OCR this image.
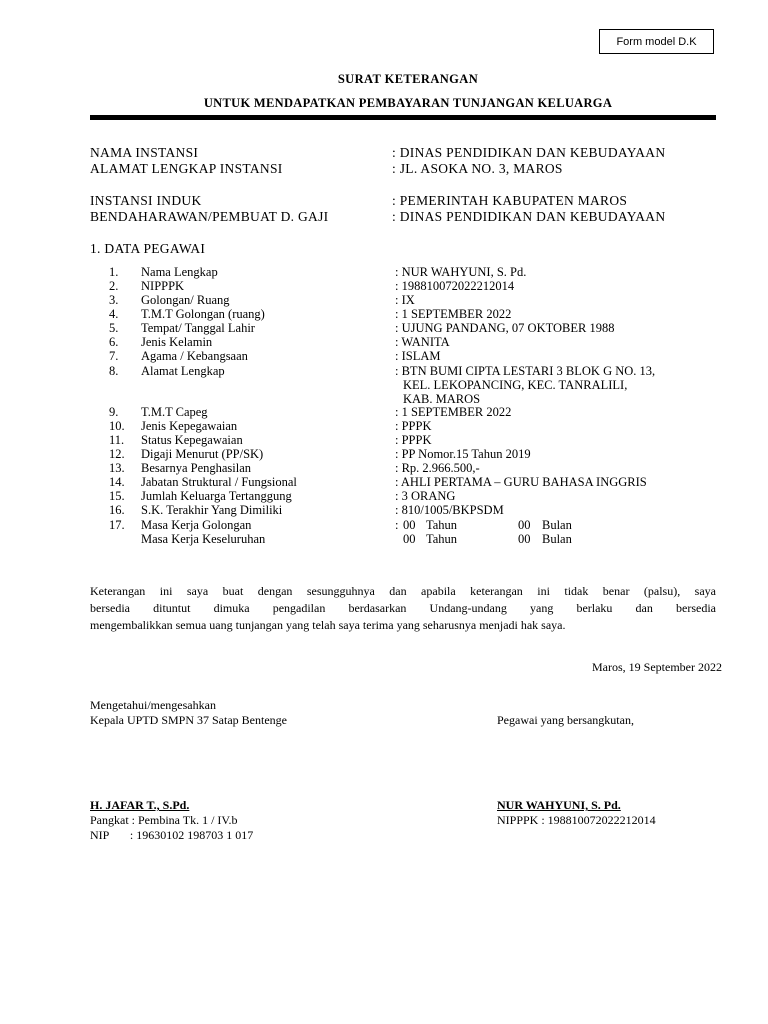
Form model D.K
SURAT KETERANGAN
UNTUK MENDAPATKAN PEMBAYARAN TUNJANGAN KELUARGA
NAMA INSTANSI	: DINAS PENDIDIKAN DAN KEBUDAYAAN
ALAMAT LENGKAP INSTANSI	: JL. ASOKA NO. 3, MAROS
INSTANSI INDUK	: PEMERINTAH KABUPATEN MAROS
BENDAHARAWAN/PEMBUAT D. GAJI	: DINAS PENDIDIKAN DAN KEBUDAYAAN
1. DATA PEGAWAI
1. Nama Lengkap	: NUR WAHYUNI, S. Pd.
2. NIPPPK	: 198810072022212014
3. Golongan/ Ruang	: IX
4. T.M.T Golongan (ruang)	: 1 SEPTEMBER 2022
5. Tempat/ Tanggal Lahir	: UJUNG PANDANG, 07 OKTOBER 1988
6. Jenis Kelamin	: WANITA
7. Agama / Kebangsaan	: ISLAM
8. Alamat Lengkap	: BTN BUMI CIPTA LESTARI 3 BLOK G NO. 13,
KEL. LEKOPANCING, KEC. TANRALILI,
KAB. MAROS
9. T.M.T Capeg	: 1 SEPTEMBER 2022
10. Jenis Kepegawaian	: PPPK
11. Status Kepegawaian	: PPPK
12. Digaji Menurut (PP/SK)	: PP Nomor.15 Tahun 2019
13. Besarnya Penghasilan	: Rp. 2.966.500,-
14. Jabatan Struktural / Fungsional	: AHLI PERTAMA – GURU BAHASA INGGRIS
15. Jumlah Keluarga Tertanggung	: 3 ORANG
16. S.K. Terakhir Yang Dimiliki	: 810/1005/BKPSDM
17. Masa Kerja Golongan	: 00 Tahun	00 Bulan
Masa Kerja Keseluruhan	00 Tahun	00 Bulan
Keterangan ini saya buat dengan sesungguhnya dan apabila keterangan ini tidak benar (palsu), saya
bersedia dituntut dimuka pengadilan berdasarkan Undang-undang yang berlaku dan bersedia
mengembalikkan semua uang tunjangan yang telah saya terima yang seharusnya menjadi hak saya.
Maros, 19 September 2022
Mengetahui/mengesahkan
Kepala UPTD SMPN 37 Satap Bentenge
H. JAFAR T., S.Pd.
Pangkat : Pembina Tk. 1 / IV.b
NIP       : 19630102 198703 1 017
Pegawai yang bersangkutan,
NUR WAHYUNI, S. Pd.
NIPPPK : 198810072022212014
